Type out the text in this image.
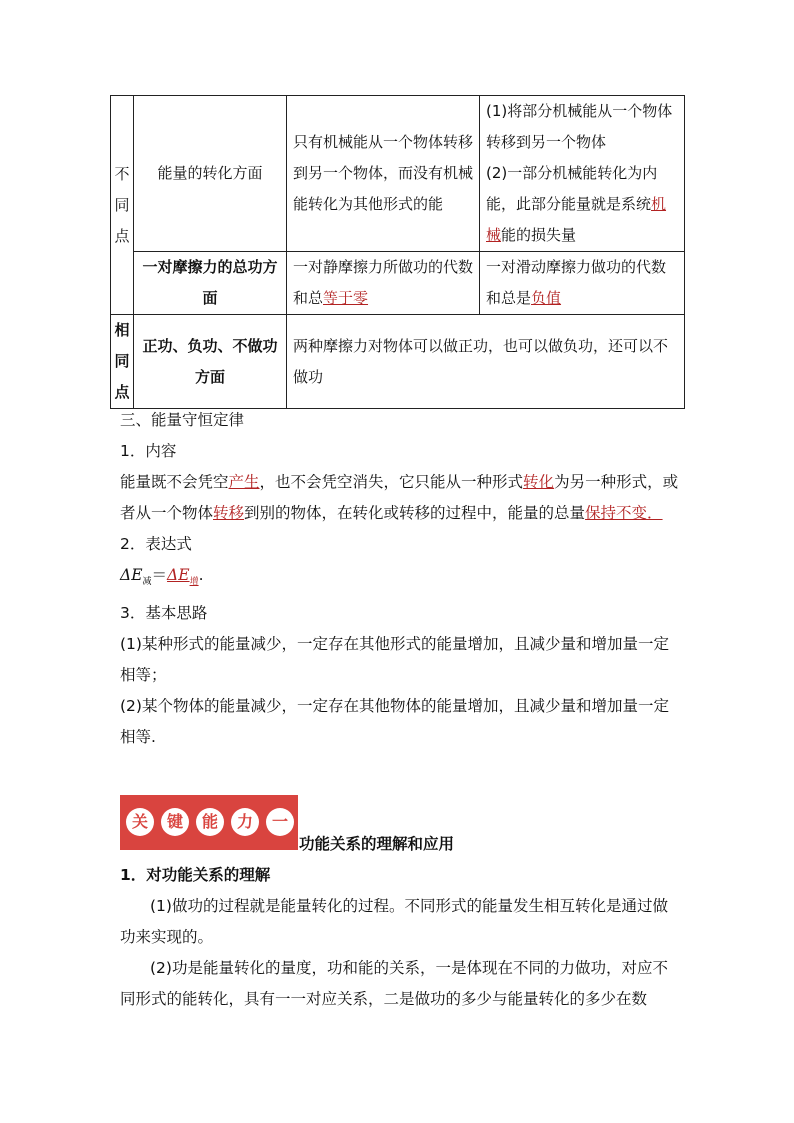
不
同
点	能量的转化方面	只有机械能从一个物体转移到另一个物体，而没有机械能转化为其他形式的能	(1)将部分机械能从一个物体转移到另一个物体
(2)一部分机械能转化为内能，此部分能量就是系统机械能的损失量
	一对摩擦力的总功方面	一对静摩擦力所做功的代数和总等于零	一对滑动摩擦力做功的代数和总是负值

相
同
点	正功、负功、不做功方面	两种摩擦力对物体可以做正功，也可以做负功，还可以不做功	
三、能量守恒定律
1．内容
能量既不会凭空产生，也不会凭空消失，它只能从一种形式转化为另一种形式，或者从一个物体转移到别的物体，在转化或转移的过程中，能量的总量保持不变．
2．表达式
$\Delta E_减=\Delta E_增$.
3．基本思路
(1)某种形式的能量减少，一定存在其他形式的能量增加，且减少量和增加量一定相等；
(2)某个物体的能量减少，一定存在其他物体的能量增加，且减少量和增加量一定相等.
关	键	能	力	一
功能关系的理解和应用
1．对功能关系的理解
(1)做功的过程就是能量转化的过程。不同形式的能量发生相互转化是通过做功来实现的。
(2)功是能量转化的量度，功和能的关系，一是体现在不同的力做功，对应不同形式的能转化，具有一一对应关系，二是做功的多少与能量转化的多少在数
